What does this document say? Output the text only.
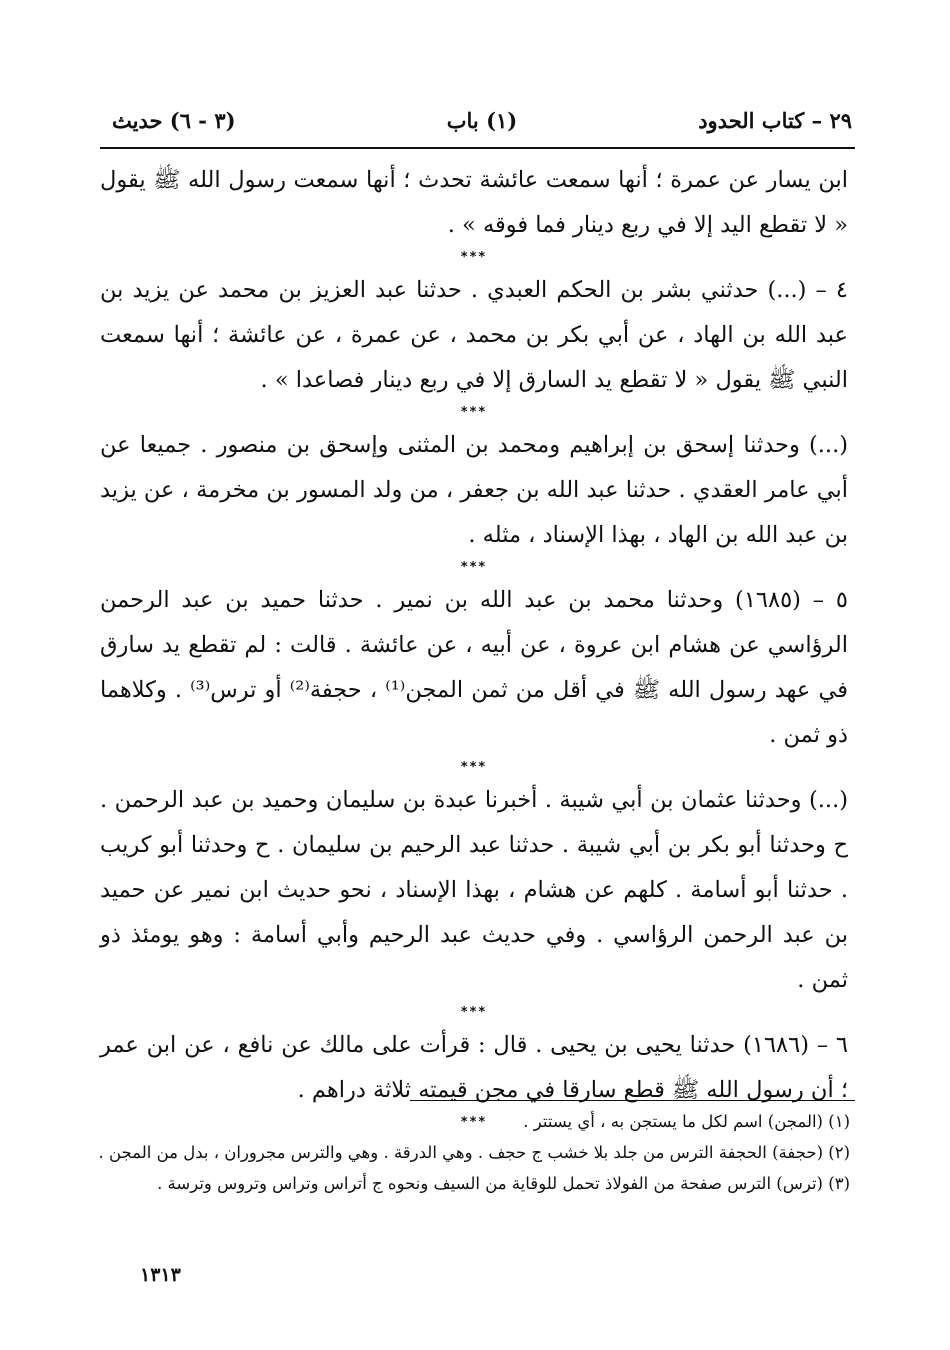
٢٩ – كتاب الحدود
(١) باب
(٣ - ٦) حديث

ابن يسار عن عمرة ؛ أنها سمعت عائشة تحدث ؛ أنها سمعت رسول الله ﷺ يقول « لا تقطع اليد إلا في ربع دينار فما فوقه » .

***

٤ – (...) حدثني بشر بن الحكم العبدي . حدثنا عبد العزيز بن محمد عن يزيد بن عبد الله بن الهاد ، عن أبي بكر بن محمد ، عن عمرة ، عن عائشة ؛ أنها سمعت النبي ﷺ يقول « لا تقطع يد السارق إلا في ربع دينار فصاعدا » .

***

(...) وحدثنا إسحق بن إبراهيم ومحمد بن المثنى وإسحق بن منصور . جميعا عن أبي عامر العقدي . حدثنا عبد الله بن جعفر ، من ولد المسور بن مخرمة ، عن يزيد بن عبد الله بن الهاد ، بهذا الإسناد ، مثله .

***

٥ – (١٦٨٥) وحدثنا محمد بن عبد الله بن نمير . حدثنا حميد بن عبد الرحمن الرؤاسي عن هشام ابن عروة ، عن أبيه ، عن عائشة . قالت : لم تقطع يد سارق في عهد رسول الله ﷺ في أقل من ثمن المجن⁽¹⁾ ، حجفة⁽²⁾ أو ترس⁽³⁾ . وكلاهما ذو ثمن .

***

(...) وحدثنا عثمان بن أبي شيبة . أخبرنا عبدة بن سليمان وحميد بن عبد الرحمن . ح وحدثنا أبو بكر بن أبي شيبة . حدثنا عبد الرحيم بن سليمان . ح وحدثنا أبو كريب . حدثنا أبو أسامة . كلهم عن هشام ، بهذا الإسناد ، نحو حديث ابن نمير عن حميد بن عبد الرحمن الرؤاسي . وفي حديث عبد الرحيم وأبي أسامة : وهو يومئذ ذو ثمن .

***

٦ – (١٦٨٦) حدثنا يحيى بن يحيى . قال : قرأت على مالك عن نافع ، عن ابن عمر ؛ أن رسول الله ﷺ قطع سارقا في مجن قيمته ثلاثة دراهم .

***	(١) (المجن) اسم لكل ما يستجن به ، أي يستتر .

(٢) (حجفة) الحجفة الترس من جلد بلا خشب ج حجف . وهي الدرقة . وهي والترس مجروران ، بدل من المجن .

(٣) (ترس) الترس صفحة من الفولاذ تحمل للوقاية من السيف ونحوه ج أتراس وتراس وتروس وترسة .

١٣١٣
